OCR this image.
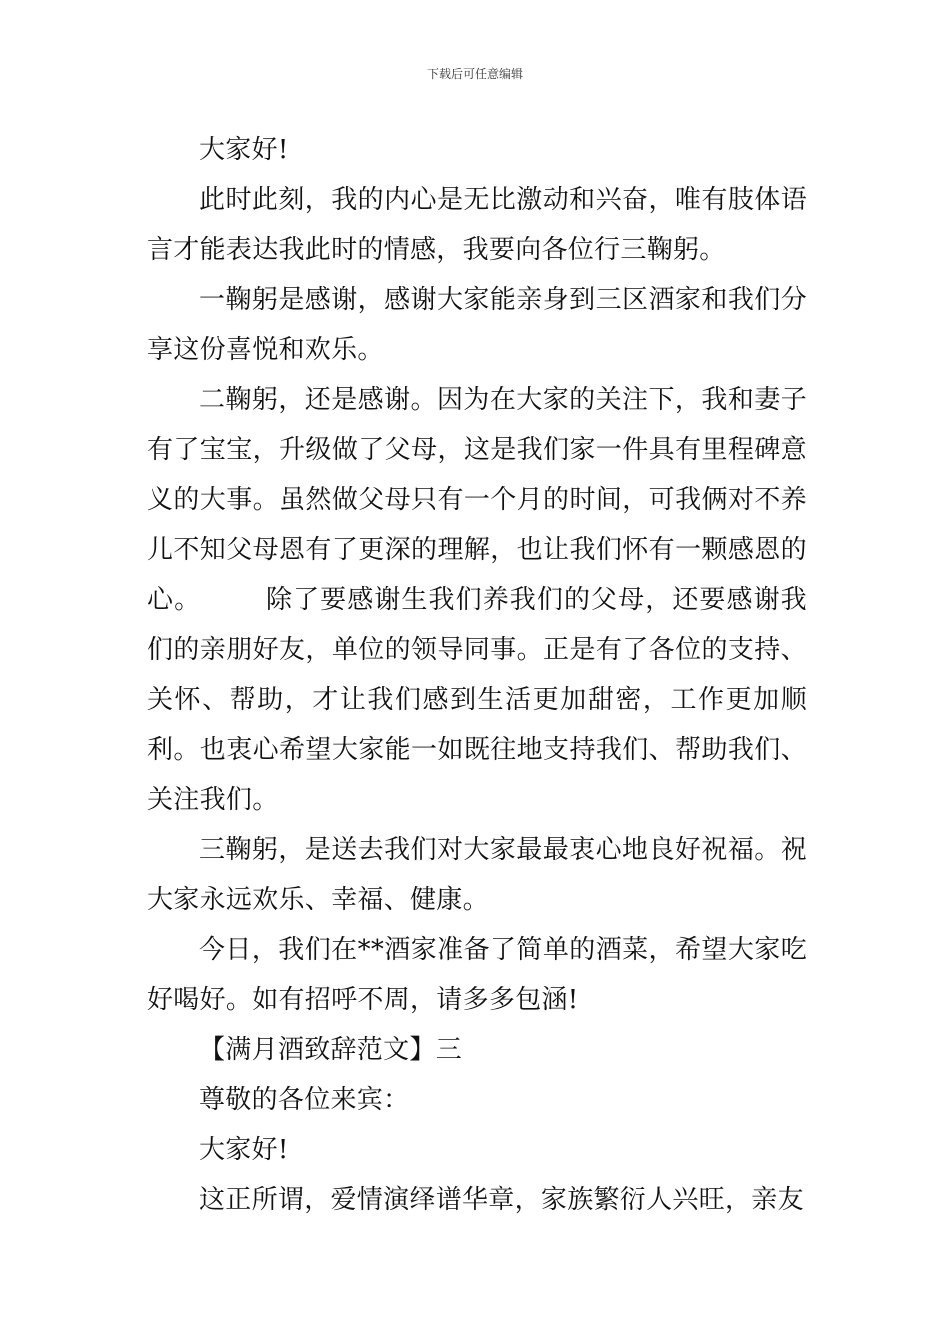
下载后可任意编辑

大家好!

此时此刻，我的内心是无比激动和兴奋，唯有肢体语言才能表达我此时的情感，我要向各位行三鞠躬。

一鞠躬是感谢，感谢大家能亲身到三区酒家和我们分享这份喜悦和欢乐。

二鞠躬，还是感谢。因为在大家的关注下，我和妻子有了宝宝，升级做了父母，这是我们家一件具有里程碑意义的大事。虽然做父母只有一个月的时间，可我俩对不养儿不知父母恩有了更深的理解，也让我们怀有一颗感恩的心。 除了要感谢生我们养我们的父母，还要感谢我们的亲朋好友，单位的领导同事。正是有了各位的支持、关怀、帮助，才让我们感到生活更加甜密，工作更加顺利。也衷心希望大家能一如既往地支持我们、帮助我们、关注我们。

三鞠躬，是送去我们对大家最最衷心地良好祝福。祝大家永远欢乐、幸福、健康。

今日，我们在**酒家准备了简单的酒菜，希望大家吃好喝好。如有招呼不周，请多多包涵!

【满月酒致辞范文】三

尊敬的各位来宾：

大家好!

这正所谓，爱情演绎谱华章，家族繁衍人兴旺，亲友
